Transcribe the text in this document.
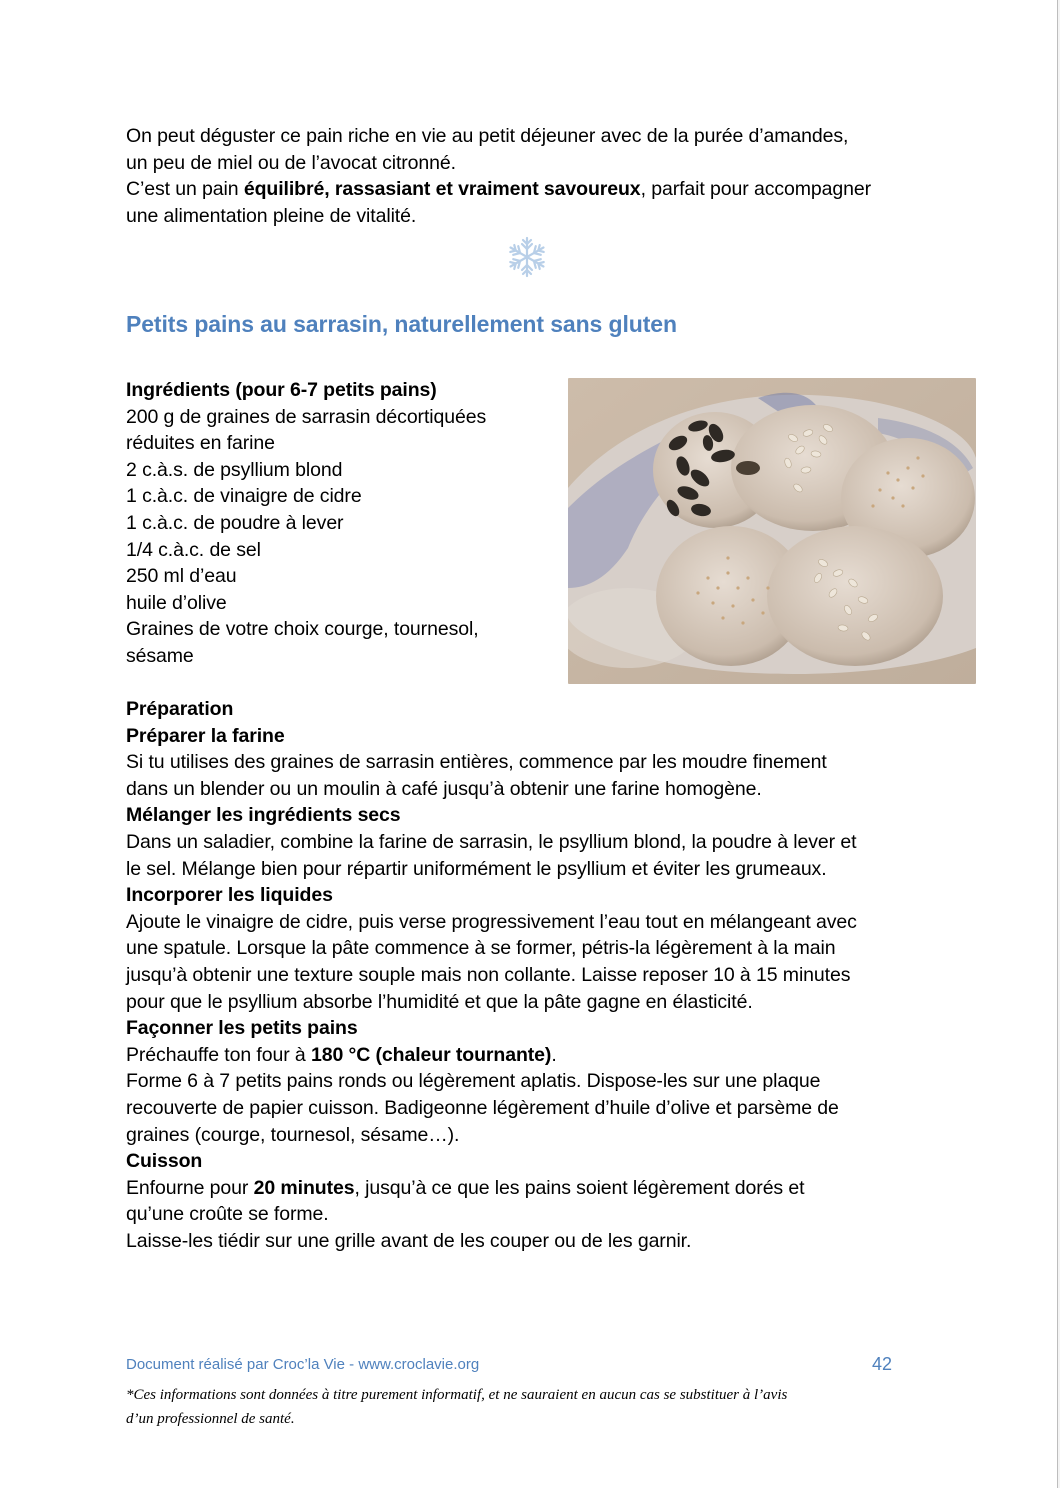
On peut déguster ce pain riche en vie au petit déjeuner avec de la purée d’amandes,

un peu de miel ou de l’avocat citronné.

C’est un pain équilibré, rassasiant et vraiment savoureux, parfait pour accompagner

une alimentation pleine de vitalité.

Petits pains au sarrasin, naturellement sans gluten

Ingrédients (pour 6-7 petits pains)

200 g de graines de sarrasin décortiquées

réduites en farine

2 c.à.s. de psyllium blond

1 c.à.c. de vinaigre de cidre

1 c.à.c. de poudre à lever

1/4 c.à.c. de sel

250 ml d’eau

huile d’olive

Graines de votre choix courge, tournesol,

sésame

Préparation

Préparer la farine

Si tu utilises des graines de sarrasin entières, commence par les moudre finement

dans un blender ou un moulin à café jusqu’à obtenir une farine homogène.

Mélanger les ingrédients secs

Dans un saladier, combine la farine de sarrasin, le psyllium blond, la poudre à lever et

le sel. Mélange bien pour répartir uniformément le psyllium et éviter les grumeaux.

Incorporer les liquides

Ajoute le vinaigre de cidre, puis verse progressivement l’eau tout en mélangeant avec

une spatule. Lorsque la pâte commence à se former, pétris-la légèrement à la main

jusqu’à obtenir une texture souple mais non collante. Laisse reposer 10 à 15 minutes

pour que le psyllium absorbe l’humidité et que la pâte gagne en élasticité.

Façonner les petits pains

Préchauffe ton four à 180 °C (chaleur tournante).

Forme 6 à 7 petits pains ronds ou légèrement aplatis. Dispose-les sur une plaque

recouverte de papier cuisson. Badigeonne légèrement d’huile d’olive et parsème de

graines (courge, tournesol, sésame…).

Cuisson

Enfourne pour 20 minutes, jusqu’à ce que les pains soient légèrement dorés et

qu’une croûte se forme.

Laisse-les tiédir sur une grille avant de les couper ou de les garnir.

Document réalisé par Croc’la Vie - www.croclavie.org	42
*Ces informations sont données à titre purement informatif, et ne sauraient en aucun cas se substituer à l’avis
d’un professionnel de santé.
